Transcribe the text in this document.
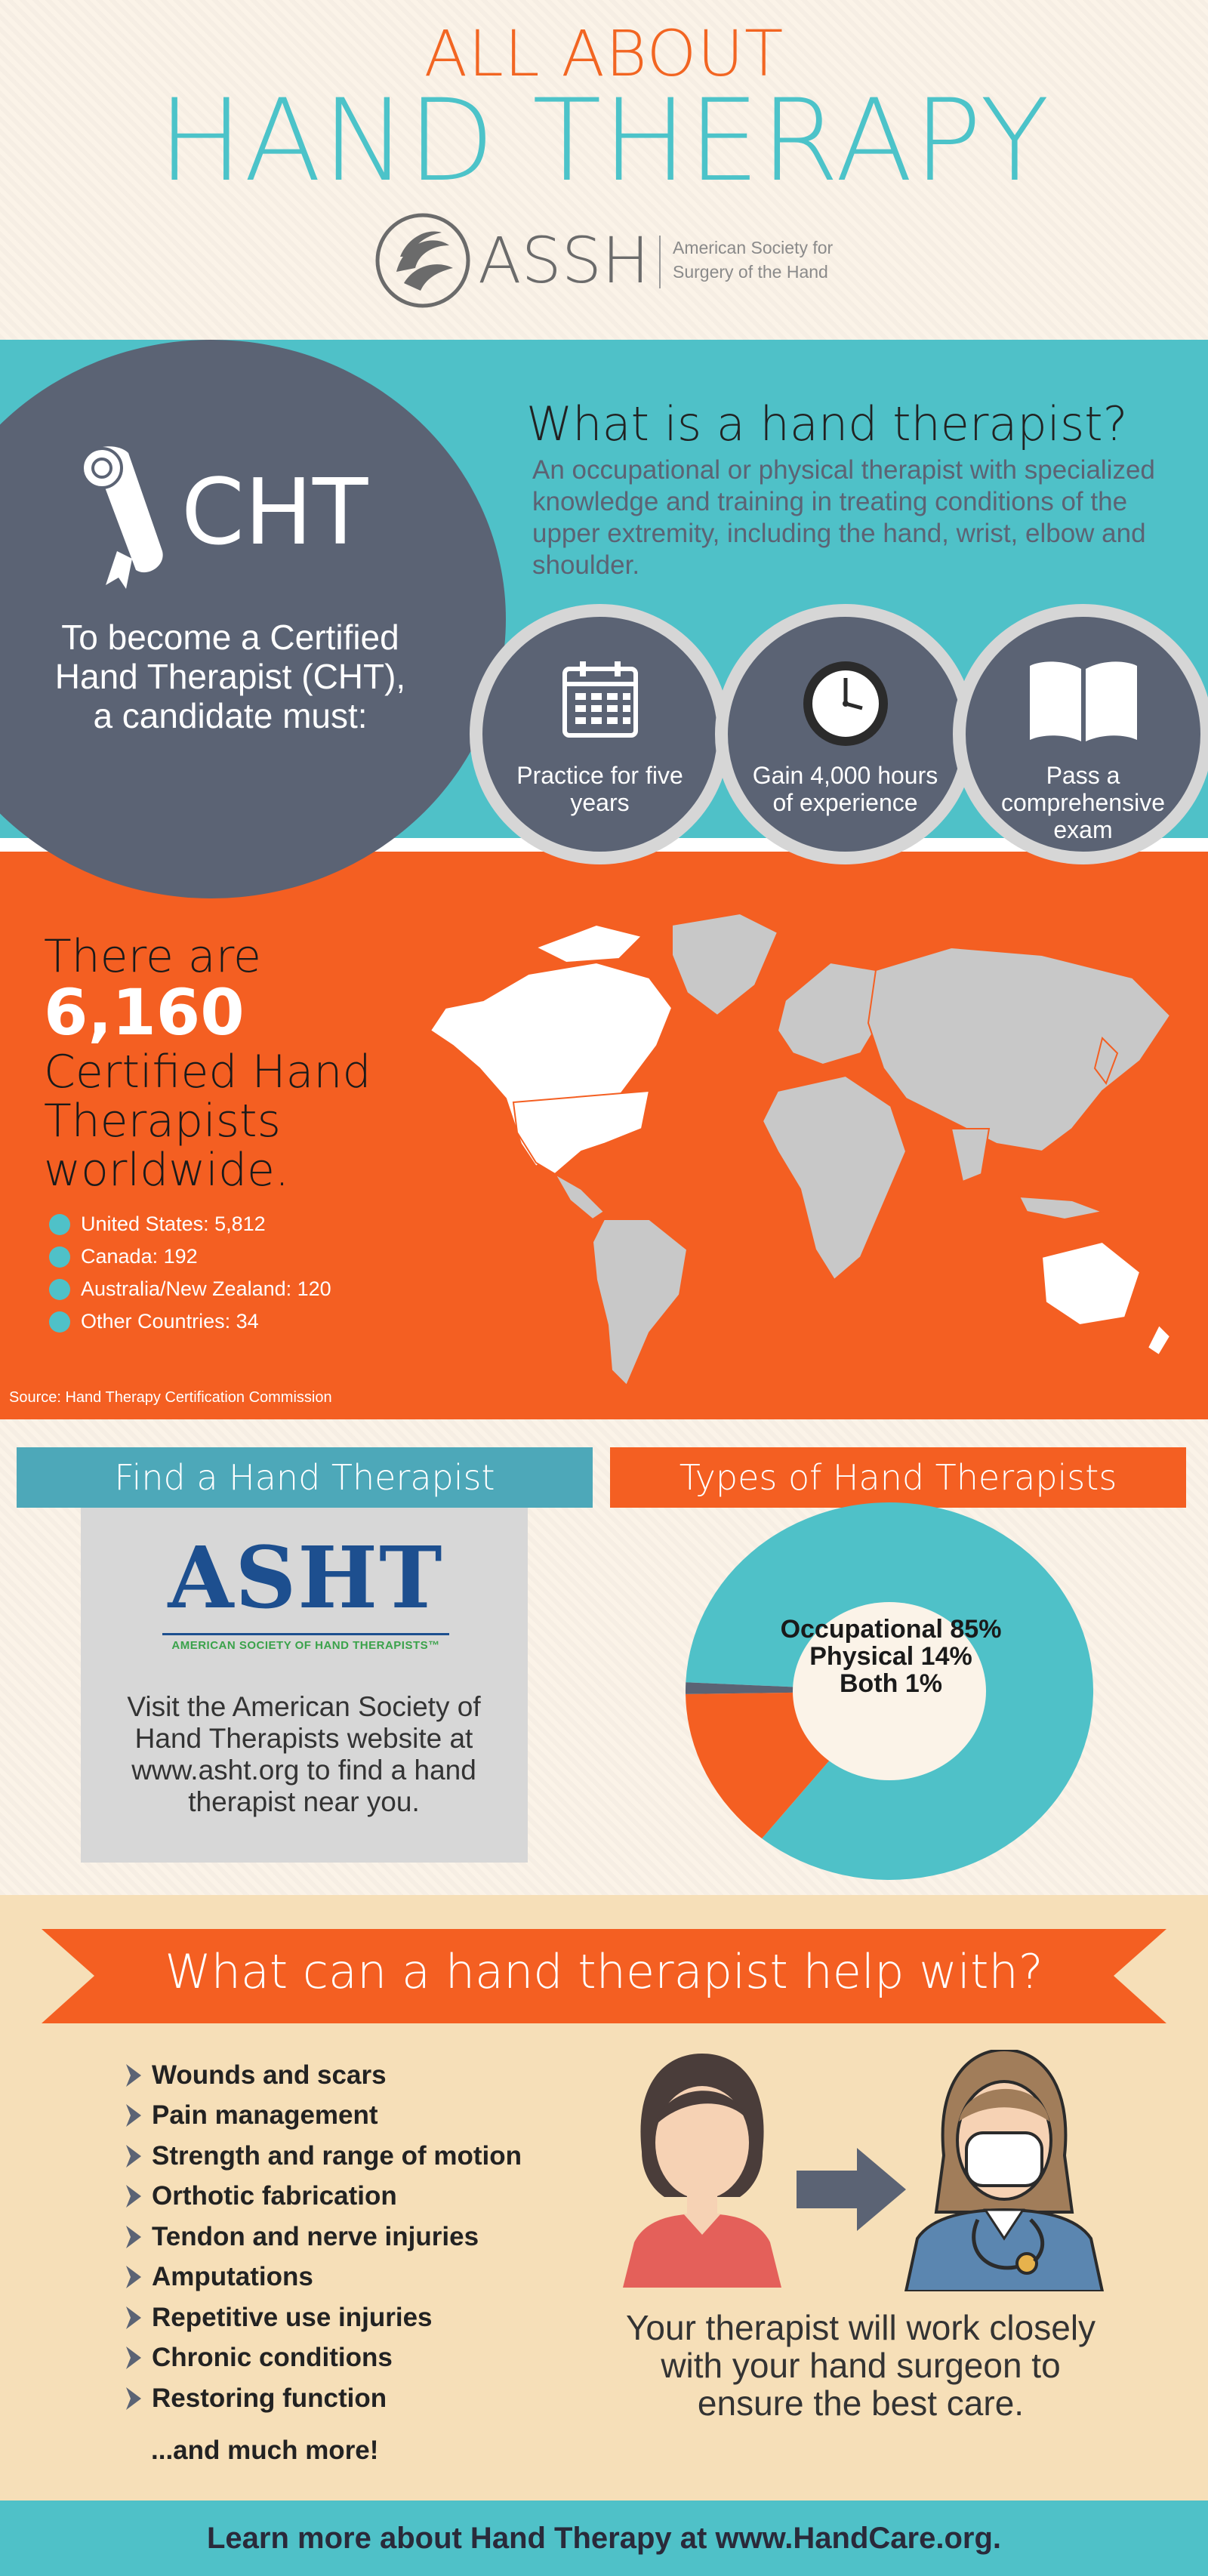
ALL ABOUT
HAND THERAPY
ASSH American Society for
Surgery of the Hand
CHT
To become a Certified Hand Therapist (CHT), a candidate must:
What is a hand therapist?
An occupational or physical therapist with specialized knowledge and training in treating conditions of the upper extremity, including the hand, wrist, elbow and shoulder.
Practice for five years
Gain 4,000 hours of experience
Pass a comprehensive exam
There are
6,160
Certified Hand
Therapists
worldwide.
United States: 5,812
Canada: 192
Australia/New Zealand: 120
Other Countries: 34
Source: Hand Therapy Certification Commission
Find a Hand Therapist	Types of Hand Therapists
ASHT
AMERICAN SOCIETY OF HAND THERAPISTS™
Visit the American Society of Hand Therapists website at www.asht.org to find a hand therapist near you.
Occupational 85%
Physical 14%
Both 1%
What can a hand therapist help with?
Wounds and scars
Pain management
Strength and range of motion
Orthotic fabrication
Tendon and nerve injuries
Amputations
Repetitive use injuries
Chronic conditions
Restoring function
...and much more!
Your therapist will work closely with your hand surgeon to ensure the best care.
Learn more about Hand Therapy at www.HandCare.org.
